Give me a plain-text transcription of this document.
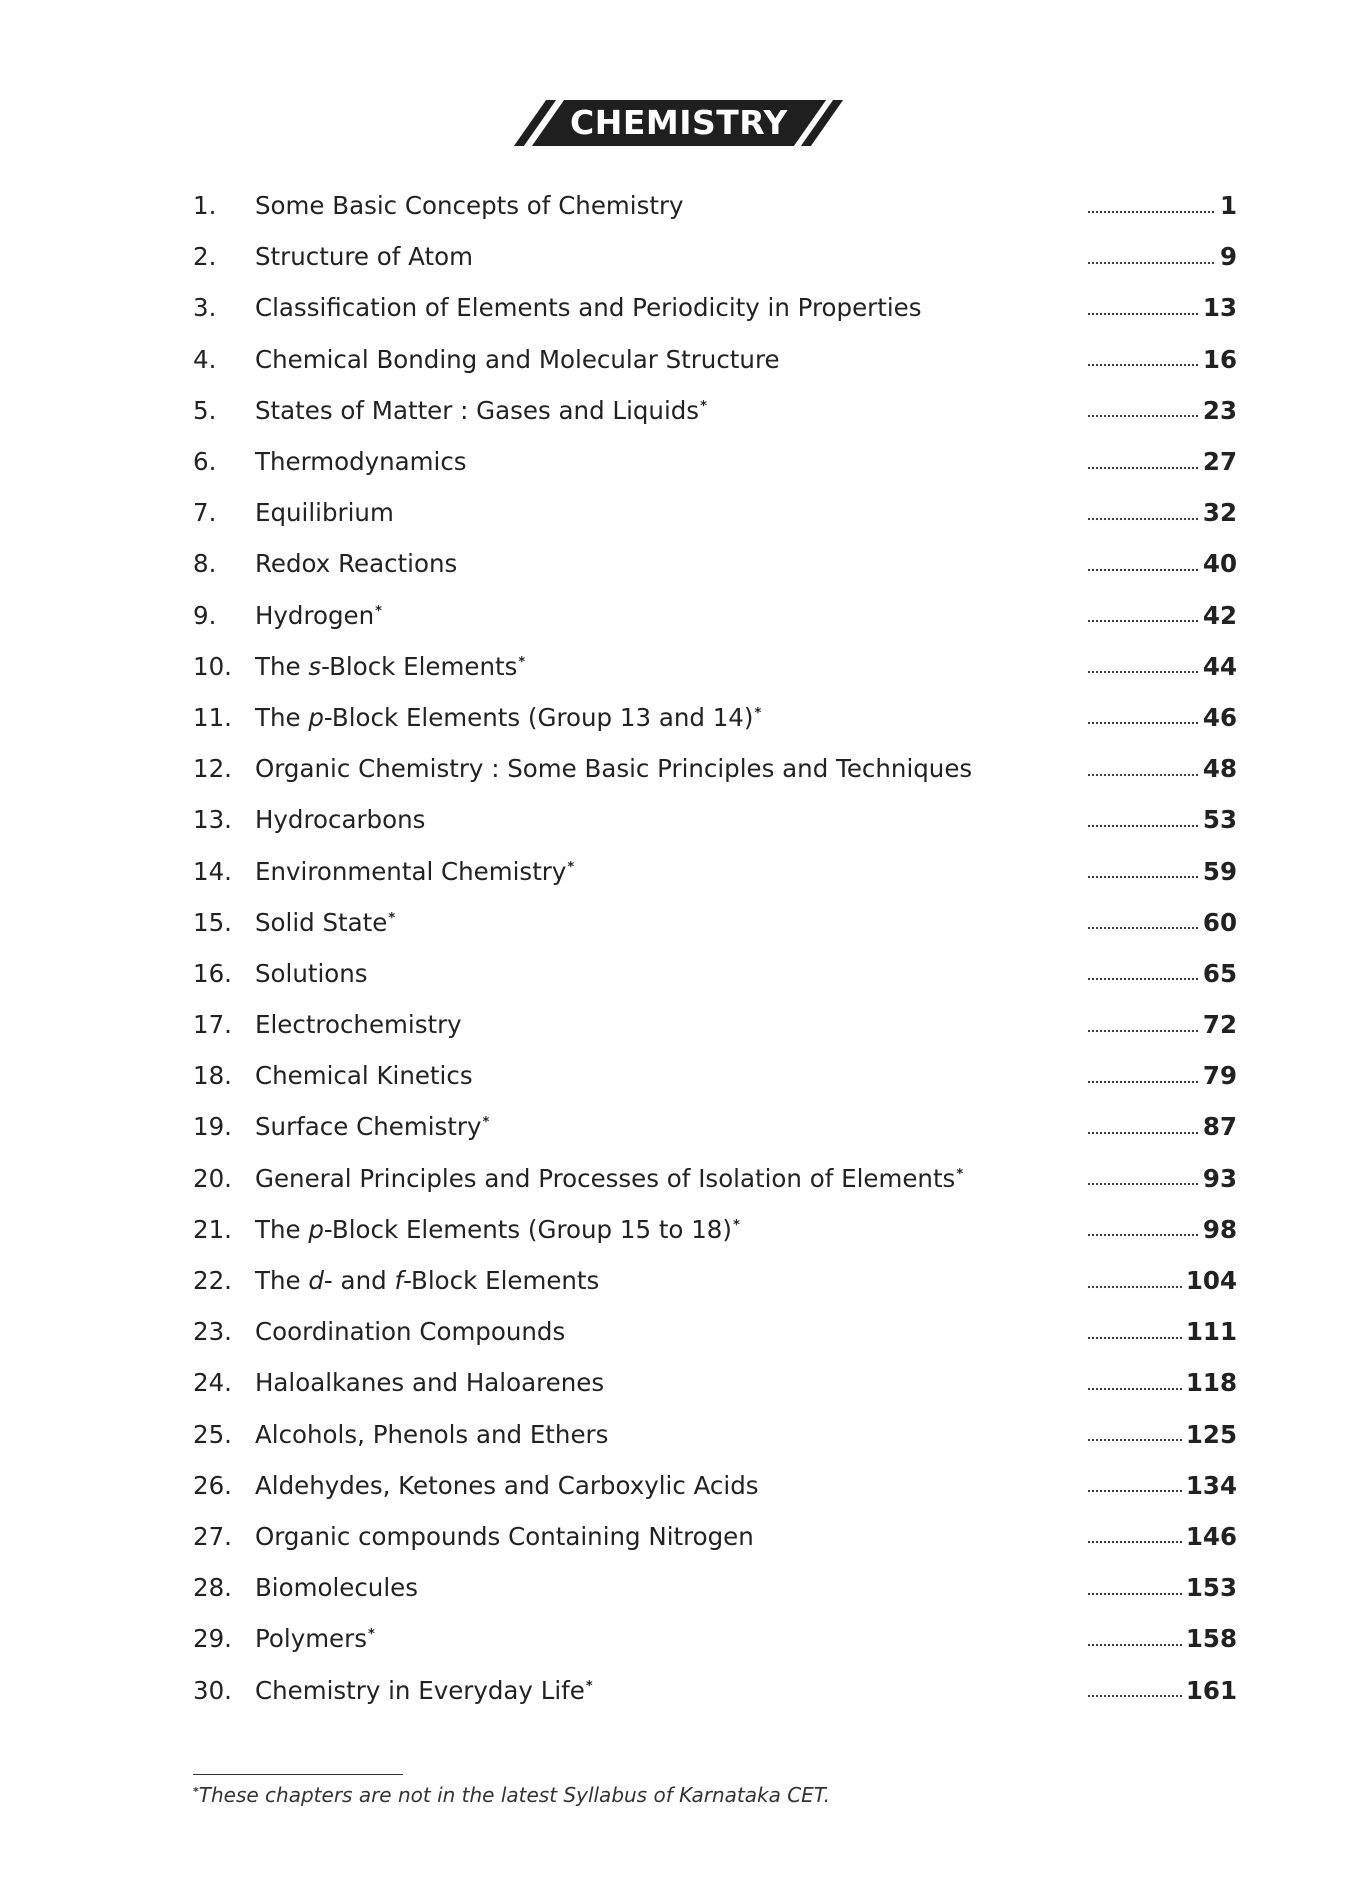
CHEMISTRY
1.	Some Basic Concepts of Chemistry	1
2.	Structure of Atom	9
3.	Classification of Elements and Periodicity in Properties	13
4.	Chemical Bonding and Molecular Structure	16
5.	States of Matter : Gases and Liquids*	23
6.	Thermodynamics	27
7.	Equilibrium	32
8.	Redox Reactions	40
9.	Hydrogen*	42
10. The s-Block Elements*	44
11. The p-Block Elements (Group 13 and 14)*	46
12. Organic Chemistry : Some Basic Principles and Techniques	48
13. Hydrocarbons	53
14. Environmental Chemistry*	59
15. Solid State*	60
16. Solutions	65
17. Electrochemistry	72
18. Chemical Kinetics	79
19. Surface Chemistry*	87
20. General Principles and Processes of Isolation of Elements*	93
21. The p-Block Elements (Group 15 to 18)*	98
22. The d- and f-Block Elements	104
23. Coordination Compounds	111
24. Haloalkanes and Haloarenes	118
25. Alcohols, Phenols and Ethers	125
26. Aldehydes, Ketones and Carboxylic Acids	134
27. Organic compounds Containing Nitrogen	146
28. Biomolecules	153
29. Polymers*	158
30. Chemistry in Everyday Life*	161
*These chapters are not in the latest Syllabus of Karnataka CET.
